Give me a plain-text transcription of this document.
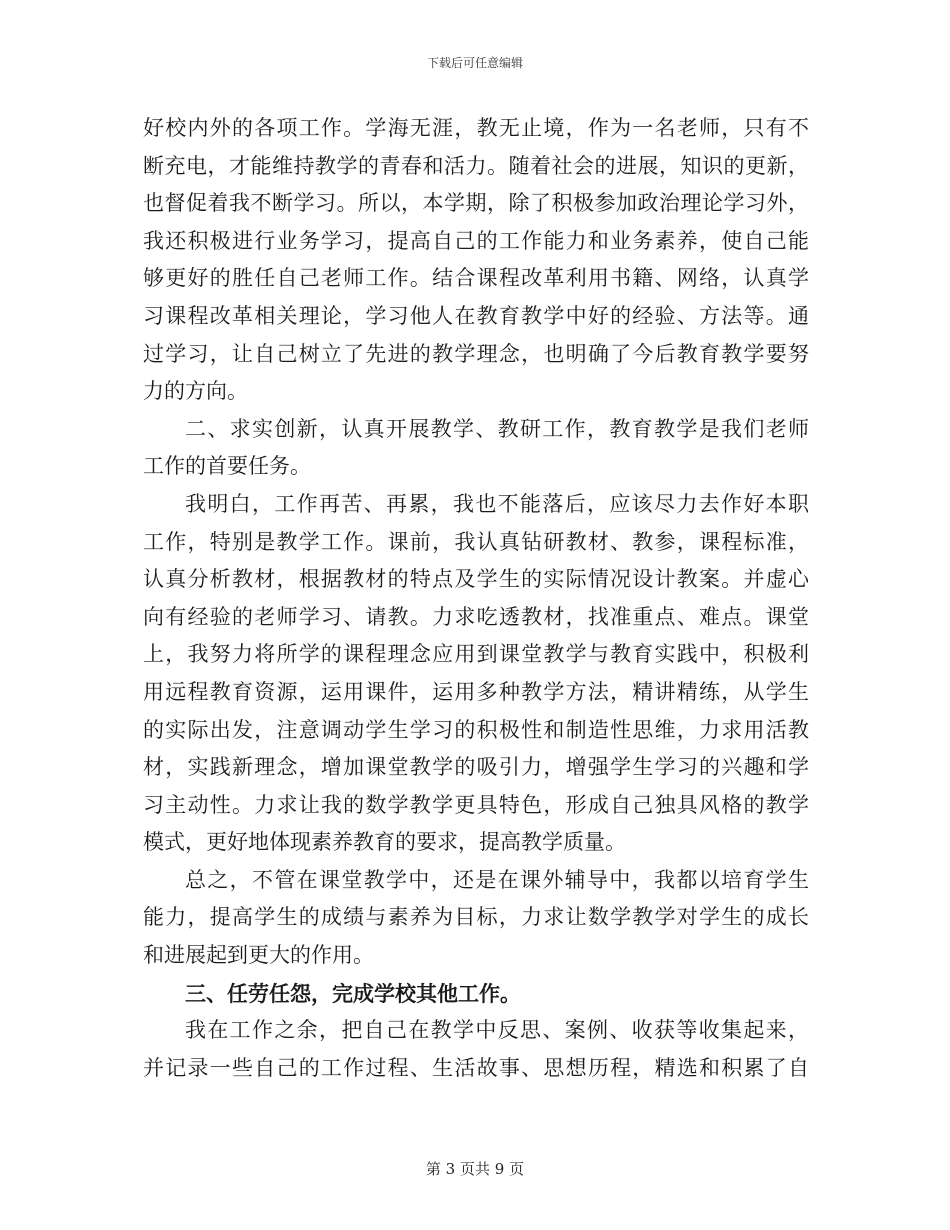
下载后可任意编辑
好校内外的各项工作。学海无涯，教无止境，作为一名老师，只有不
断充电，才能维持教学的青春和活力。随着社会的进展，知识的更新，
也督促着我不断学习。所以，本学期，除了积极参加政治理论学习外，
我还积极进行业务学习，提高自己的工作能力和业务素养，使自己能
够更好的胜任自己老师工作。结合课程改革利用书籍、网络，认真学
习课程改革相关理论，学习他人在教育教学中好的经验、方法等。通
过学习，让自己树立了先进的教学理念，也明确了今后教育教学要努
力的方向。
二、求实创新，认真开展教学、教研工作，教育教学是我们老师
工作的首要任务。
我明白，工作再苦、再累，我也不能落后，应该尽力去作好本职
工作，特别是教学工作。课前，我认真钻研教材、教参，课程标准，
认真分析教材，根据教材的特点及学生的实际情况设计教案。并虚心
向有经验的老师学习、请教。力求吃透教材，找准重点、难点。课堂
上，我努力将所学的课程理念应用到课堂教学与教育实践中，积极利
用远程教育资源，运用课件，运用多种教学方法，精讲精练，从学生
的实际出发，注意调动学生学习的积极性和制造性思维，力求用活教
材，实践新理念，增加课堂教学的吸引力，增强学生学习的兴趣和学
习主动性。力求让我的数学教学更具特色，形成自己独具风格的教学
模式，更好地体现素养教育的要求，提高教学质量。
总之，不管在课堂教学中，还是在课外辅导中，我都以培育学生
能力，提高学生的成绩与素养为目标，力求让数学教学对学生的成长
和进展起到更大的作用。
三、任劳任怨，完成学校其他工作。
我在工作之余，把自己在教学中反思、案例、收获等收集起来，
并记录一些自己的工作过程、生活故事、思想历程，精选和积累了自
第 3 页共 9 页
